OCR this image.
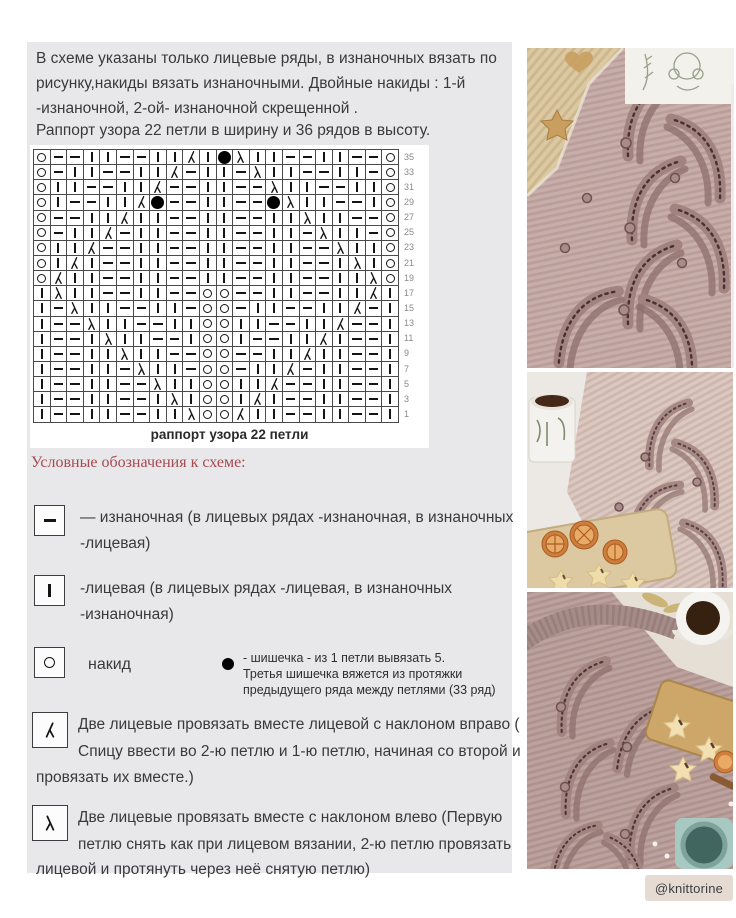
В схеме указаны только лицевые ряды, в изнаночных вязать по рисунку,накиды вязать изнаночными. Двойные накиды : 1-й -изнаночной, 2-ой- изнаночной скрещенной .
Раппорт узора 22 петли в ширину и 36 рядов в высоту.
35
33
31
29
27
25
23
21
19
17
15
13
11
9
7
5
3
1
раппорт узора 22 петли
Условные обозначения к схеме:
— изнаночная (в лицевых рядах -изнаночная, в изнаночных
-лицевая)
-лицевая (в лицевых рядах -лицевая, в изнаночных
-изнаночная)
накид	- шишечка - из 1 петли вывязать 5.
Третья шишечка вяжется из протяжки
предыдущего ряда между петлями (33 ряд)
Две лицевые провязать вместе лицевой с наклоном вправо (
Спицу ввести во 2-ю петлю и 1-ю петлю, начиная со второй и
провязать их вместе.)
Две лицевые провязать вместе с наклоном влево (Первую
петлю снять как при лицевом вязании, 2-ю петлю провязать
лицевой и протянуть через неё снятую петлю)
@knittorine
